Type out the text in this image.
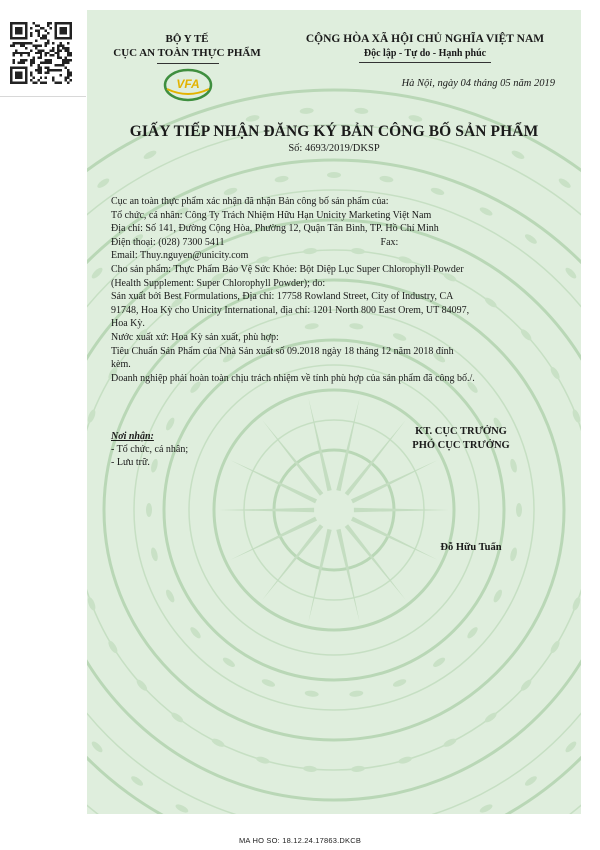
BỘ Y TẾ
CỤC AN TOÀN THỰC PHẨM
VFA
CỘNG HÒA XÃ HỘI CHỦ NGHĨA VIỆT NAM
Độc lập - Tự do - Hạnh phúc
Hà Nội, ngày 04 tháng 05 năm 2019
GIẤY TIẾP NHẬN ĐĂNG KÝ BẢN CÔNG BỐ SẢN PHẨM
Số: 4693/2019/DKSP

Cục an toàn thực phẩm xác nhận đã nhận Bản công bố sản phẩm của:

Tổ chức, cá nhân: Công Ty Trách Nhiệm Hữu Hạn Unicity Marketing Việt Nam

Địa chỉ: Số 141, Đường Cộng Hòa, Phường 12, Quận Tân Bình, TP. Hồ Chí Minh

Điện thoại: (028) 7300 5411	Fax:

Email: Thuy.nguyen@unicity.com

Cho sản phẩm: Thực Phẩm Bảo Vệ Sức Khỏe: Bột Diệp Lục Super Chlorophyll Powder

(Health Supplement: Super Chlorophyll Powder); do:

Sản xuất bởi Best Formulations, Địa chỉ: 17758 Rowland Street, City of Industry, CA

91748, Hoa Kỳ cho Unicity International, địa chỉ: 1201 North 800 East Orem, UT 84097,

Hoa Kỳ.

Nước xuất xứ: Hoa Kỳ sản xuất, phù hợp:

Tiêu Chuẩn Sản Phẩm của Nhà Sản xuất số 09.2018 ngày 18 tháng 12 năm 2018 đính

kèm.

Doanh nghiệp phải hoàn toàn chịu trách nhiệm về tính phù hợp của sản phẩm đã công bố./.

Nơi nhận:
- Tổ chức, cá nhân;
- Lưu trữ.
KT. CỤC TRƯỞNG
PHÓ CỤC TRƯỞNG
Đỗ Hữu Tuấn
MA HO SO: 18.12.24.17863.DKCB
